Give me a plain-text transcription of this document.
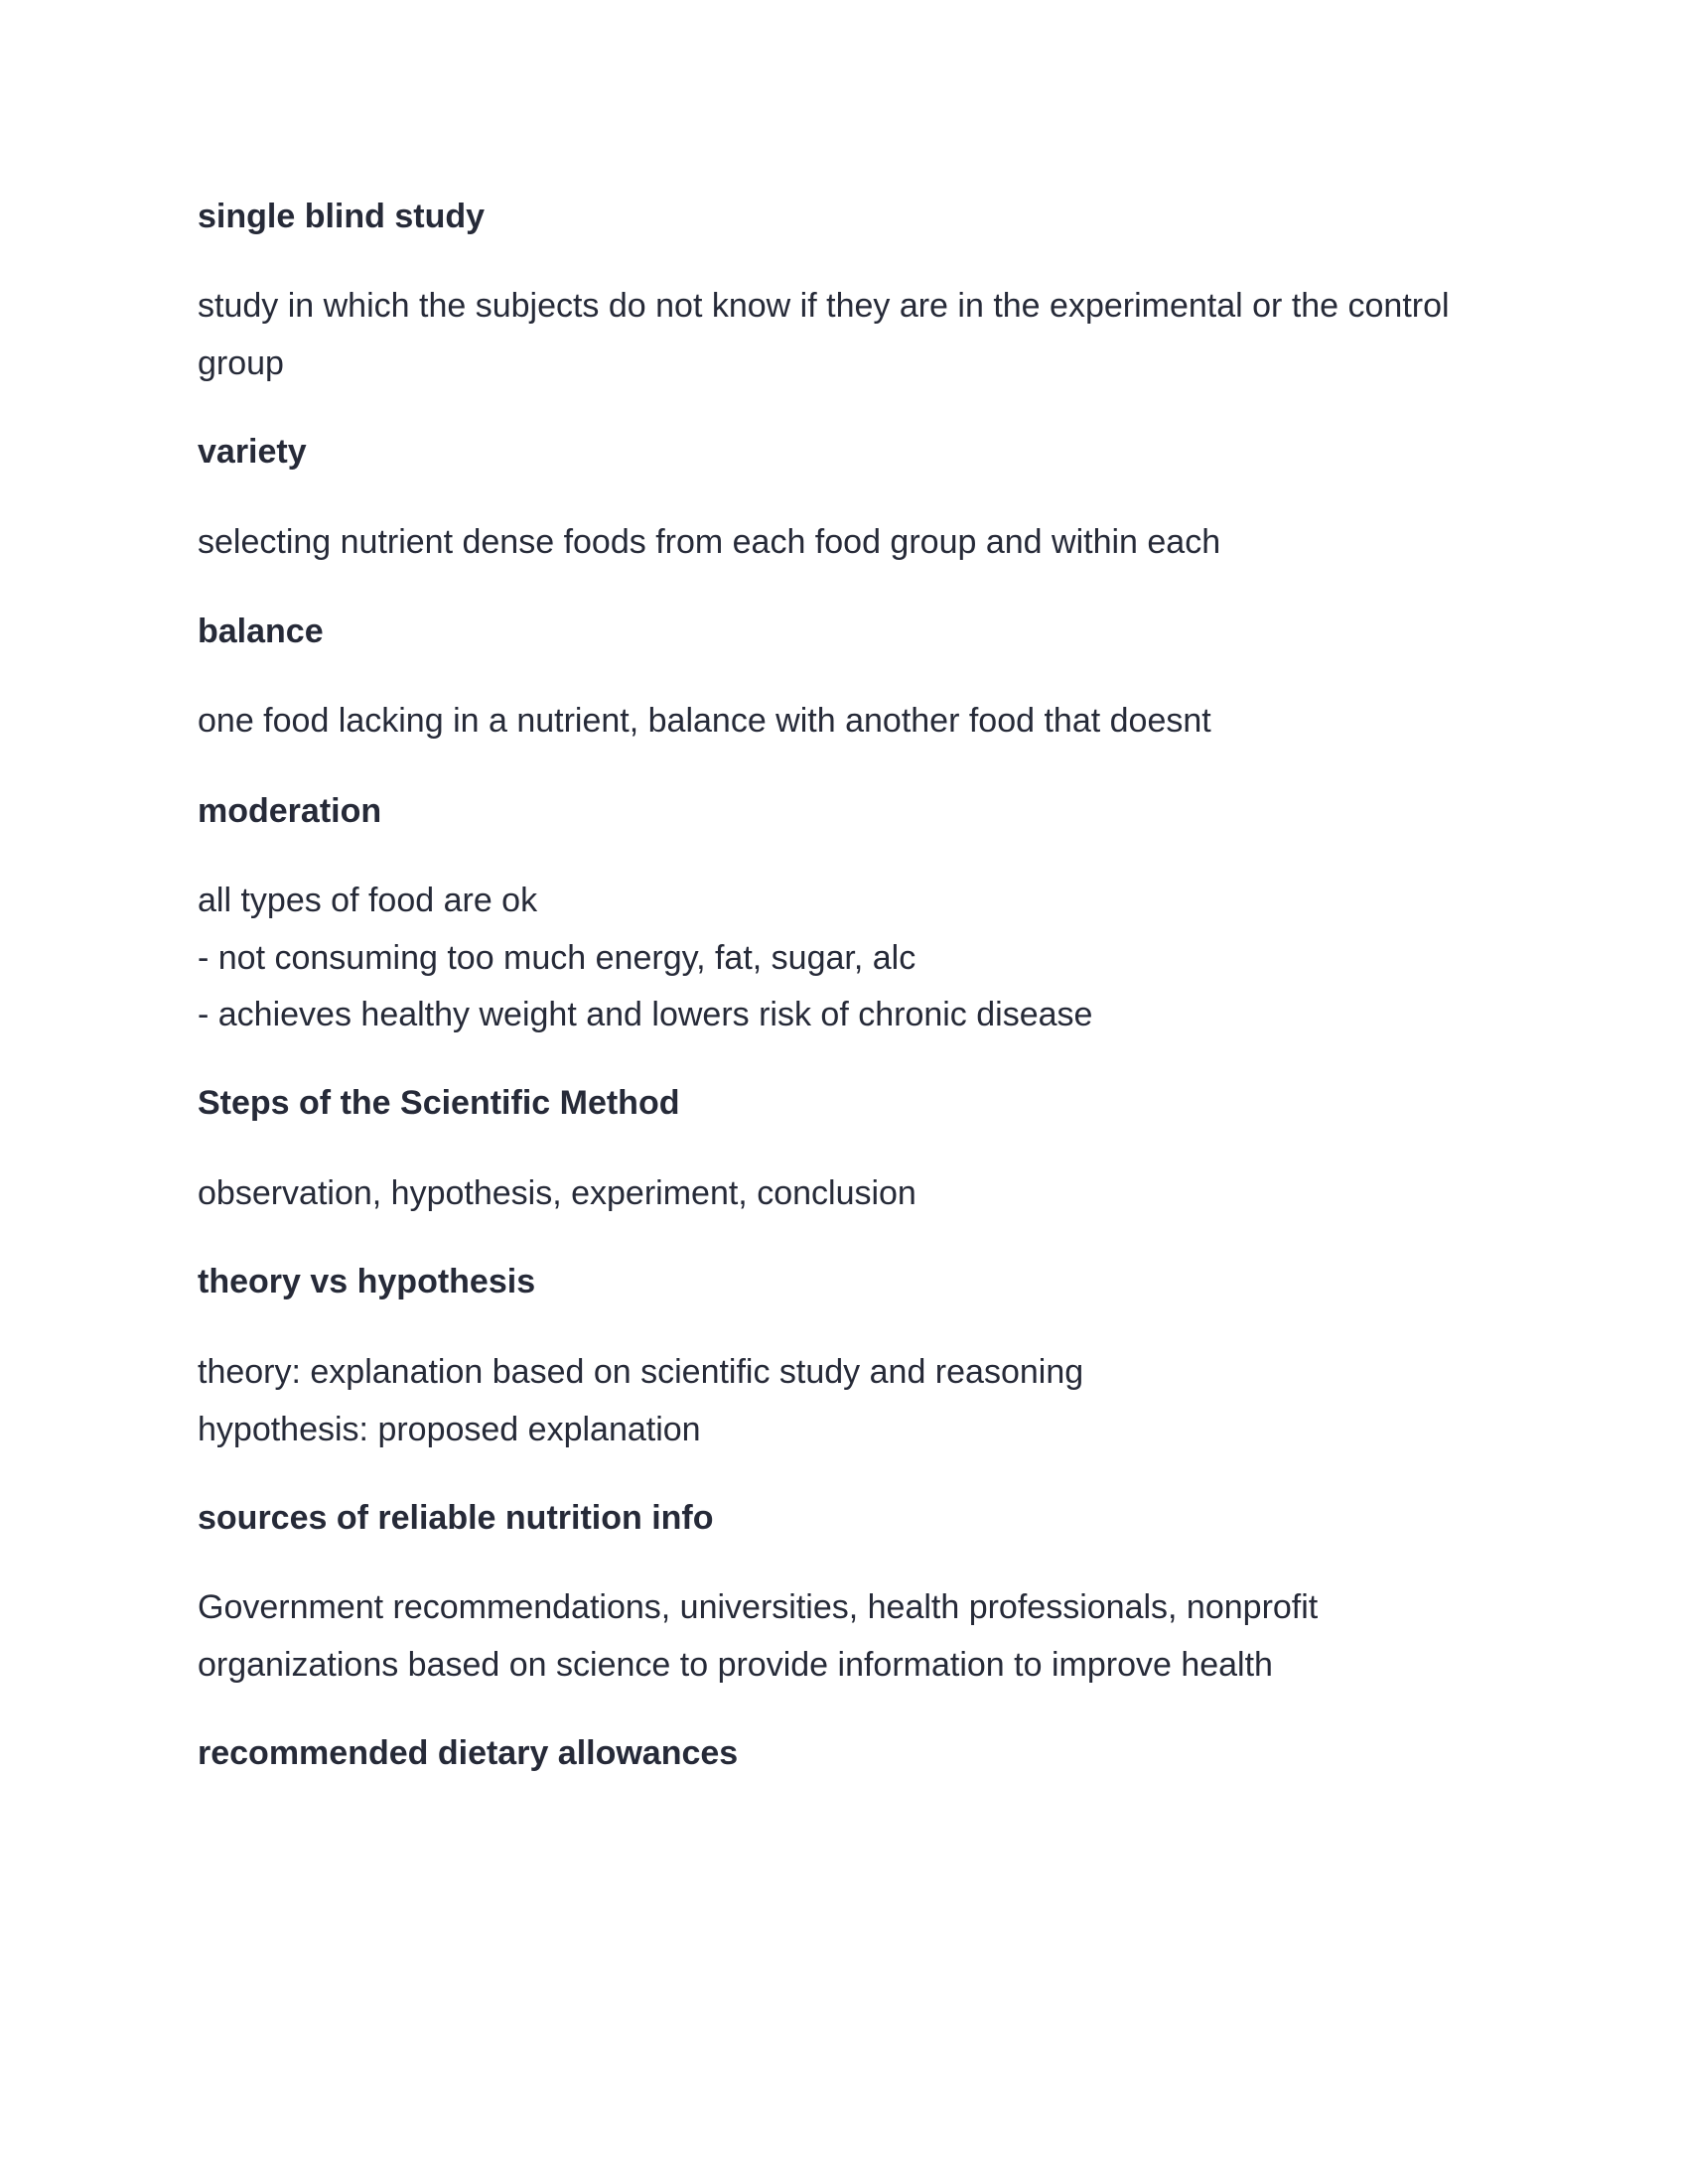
single blind study

study in which the subjects do not know if they are in the experimental or the control
group

variety

selecting nutrient dense foods from each food group and within each

balance

one food lacking in a nutrient, balance with another food that doesnt

moderation

all types of food are ok
- not consuming too much energy, fat, sugar, alc
- achieves healthy weight and lowers risk of chronic disease

Steps of the Scientific Method

observation, hypothesis, experiment, conclusion

theory vs hypothesis

theory: explanation based on scientific study and reasoning
hypothesis: proposed explanation

sources of reliable nutrition info

Government recommendations, universities, health professionals, nonprofit
organizations based on science to provide information to improve health

recommended dietary allowances
